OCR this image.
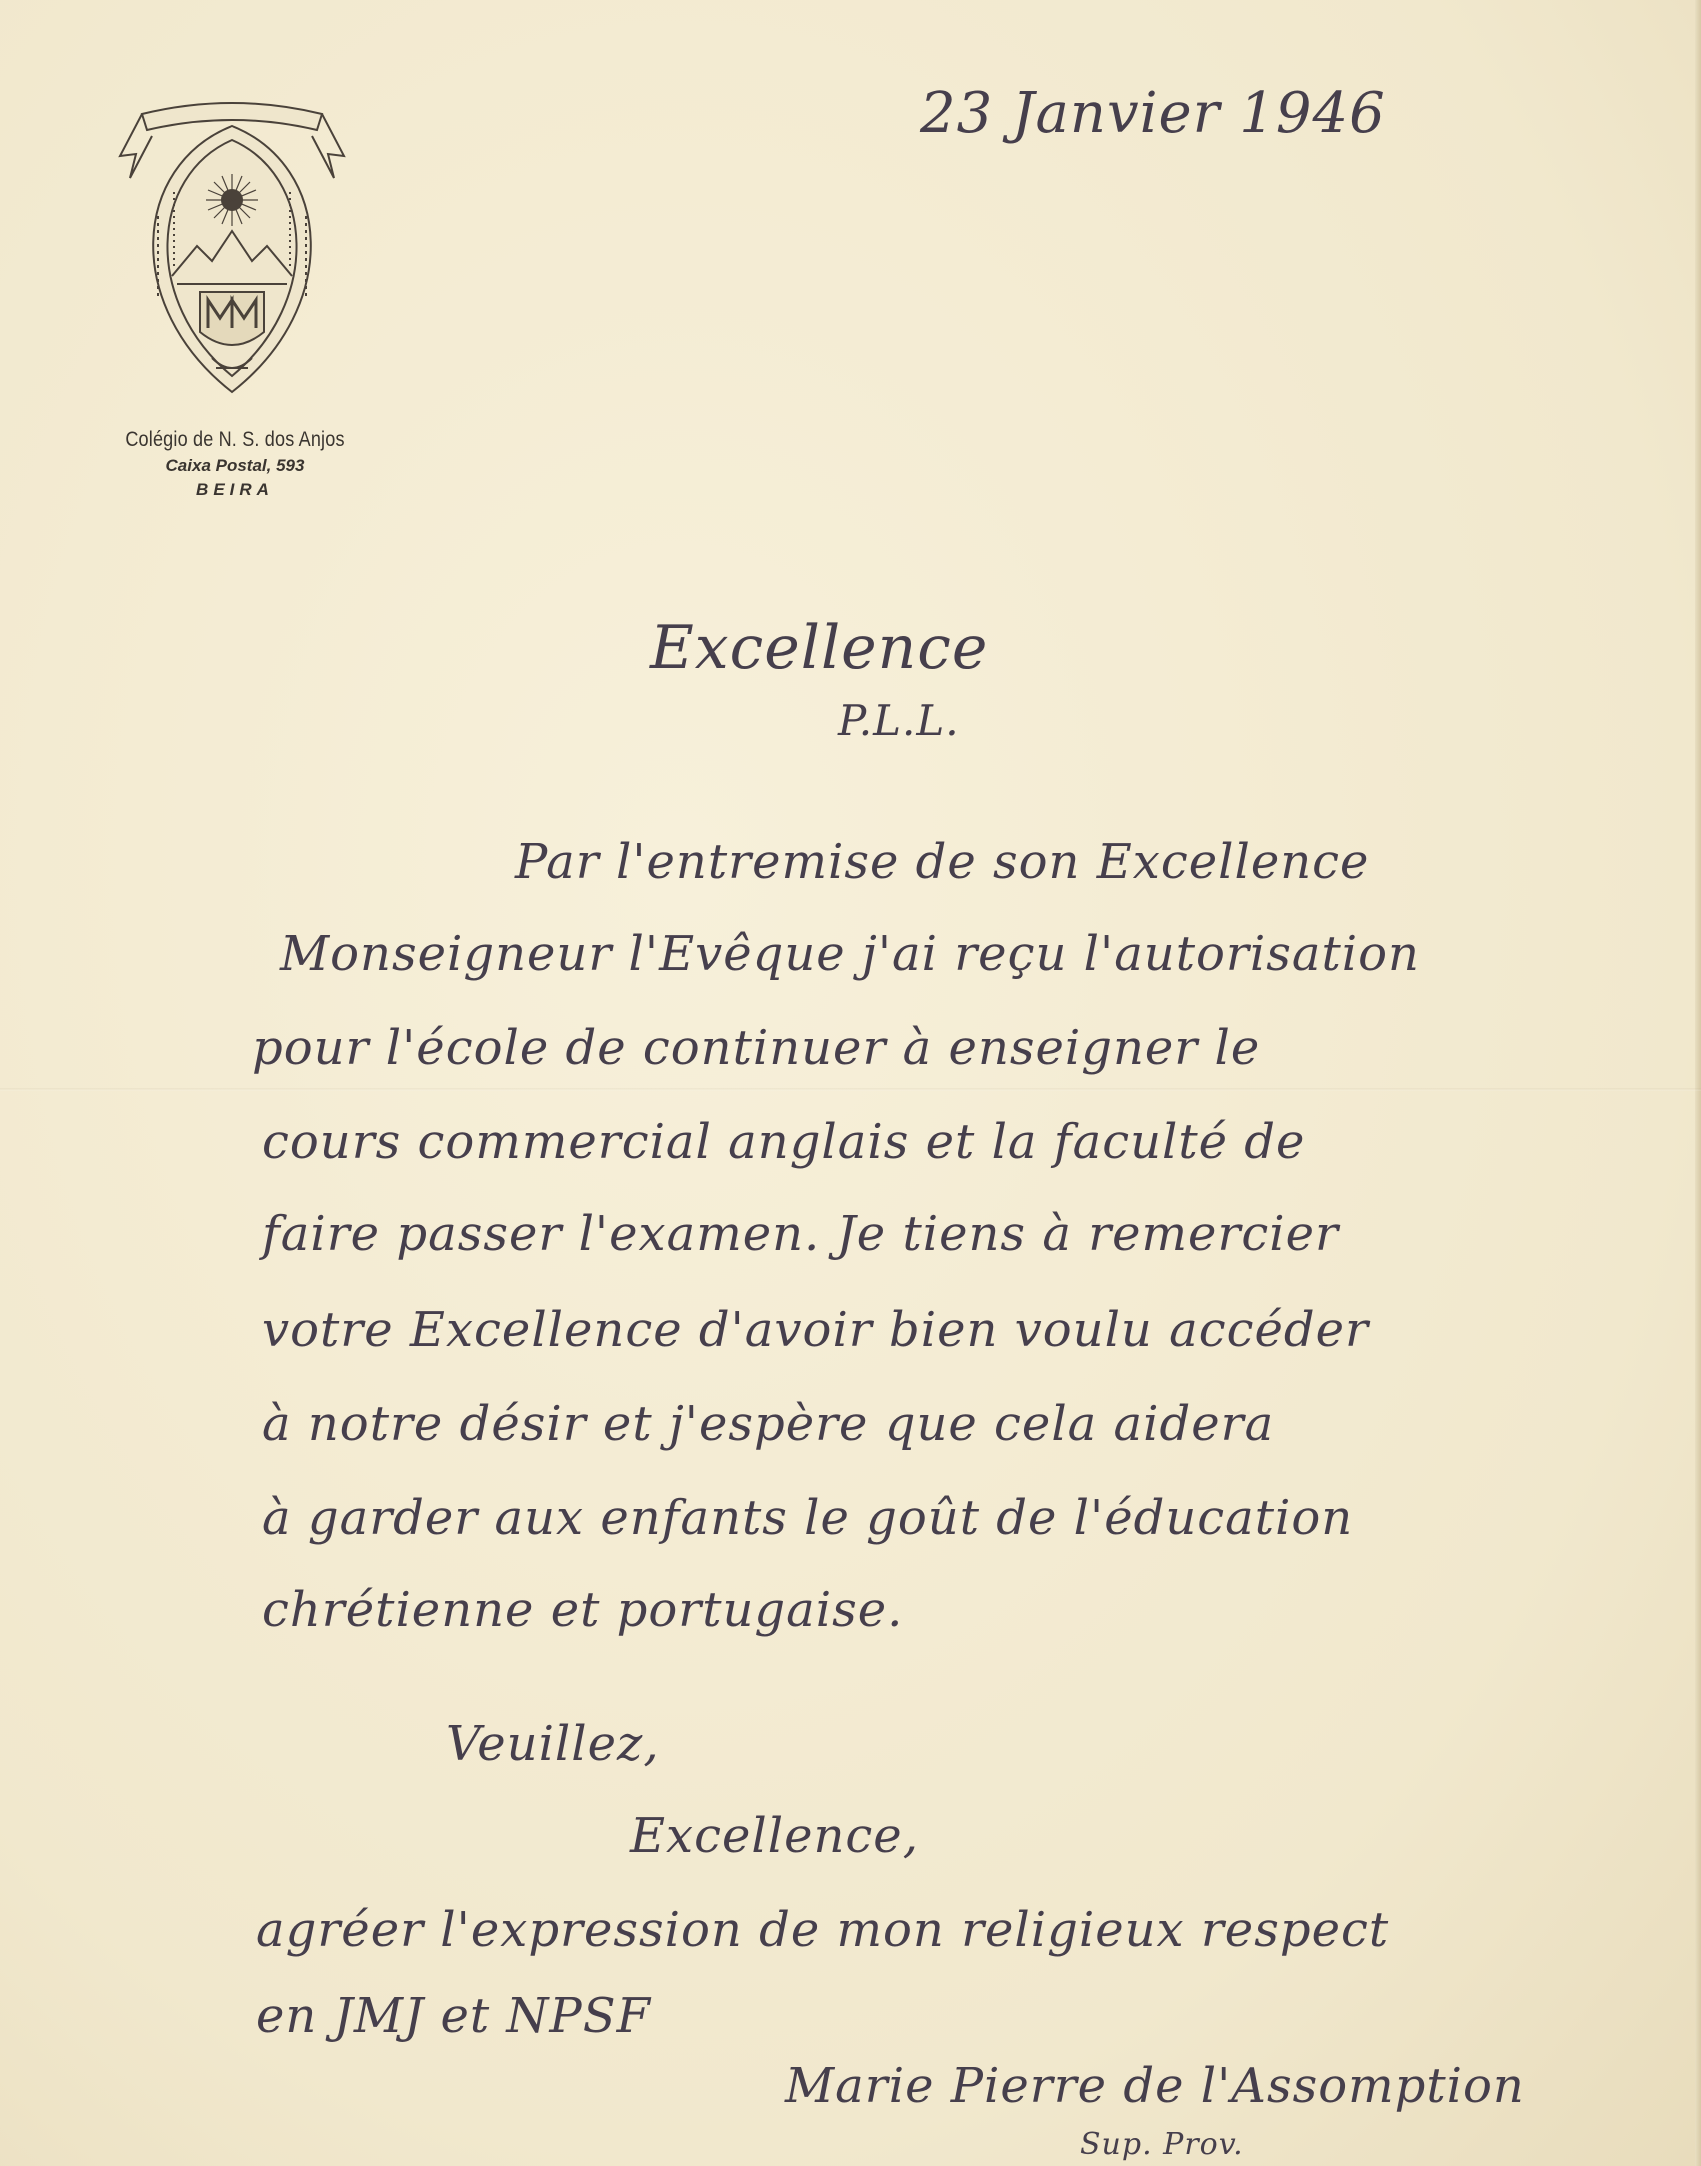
Colégio de N. S. dos Anjos
Caixa Postal, 593
BEIRA
23 Janvier 1946
Excellence
P.L.L.
Par l'entremise de son Excellence
Monseigneur l'Evêque j'ai reçu l'autorisation
pour l'école de continuer à enseigner le
cours commercial anglais et la faculté de
faire passer l'examen. Je tiens à remercier
votre Excellence d'avoir bien voulu accéder
à notre désir et j'espère que cela aidera
à garder aux enfants le goût de l'éducation
chrétienne et portugaise.
Veuillez,
Excellence,
agréer l'expression de mon religieux respect
en JMJ et NPSF
Marie Pierre de l'Assomption
Sup. Prov.
